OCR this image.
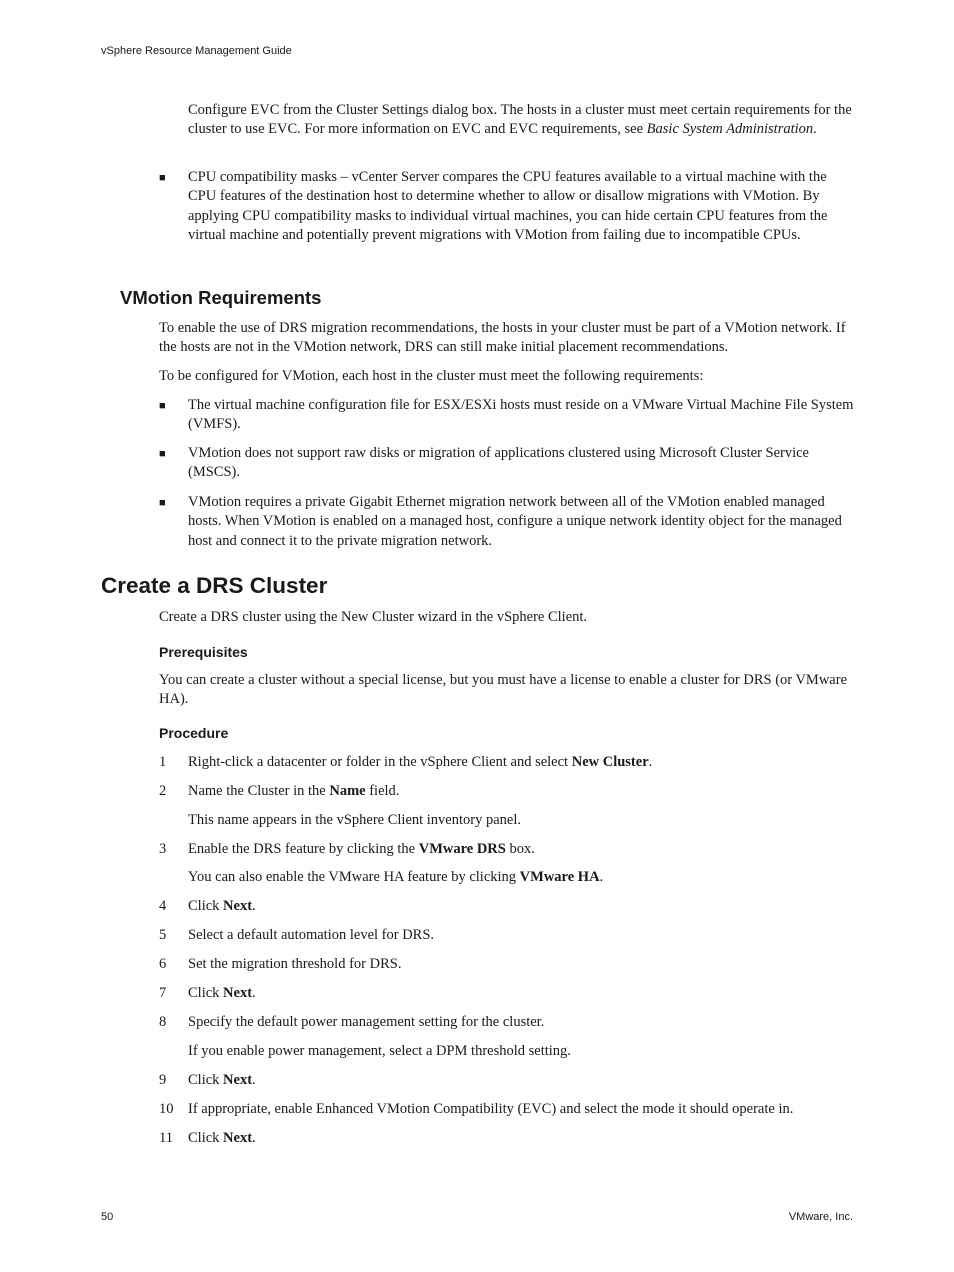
vSphere Resource Management Guide
Configure EVC from the Cluster Settings dialog box. The hosts in a cluster must meet certain requirements for the cluster to use EVC. For more information on EVC and EVC requirements, see Basic System Administration.
■ CPU compatibility masks – vCenter Server compares the CPU features available to a virtual machine with the CPU features of the destination host to determine whether to allow or disallow migrations with VMotion. By applying CPU compatibility masks to individual virtual machines, you can hide certain CPU features from the virtual machine and potentially prevent migrations with VMotion from failing due to incompatible CPUs.
VMotion Requirements
To enable the use of DRS migration recommendations, the hosts in your cluster must be part of a VMotion network. If the hosts are not in the VMotion network, DRS can still make initial placement recommendations.
To be configured for VMotion, each host in the cluster must meet the following requirements:
■ The virtual machine configuration file for ESX/ESXi hosts must reside on a VMware Virtual Machine File System (VMFS).
■ VMotion does not support raw disks or migration of applications clustered using Microsoft Cluster Service (MSCS).
■ VMotion requires a private Gigabit Ethernet migration network between all of the VMotion enabled managed hosts. When VMotion is enabled on a managed host, configure a unique network identity object for the managed host and connect it to the private migration network.
Create a DRS Cluster
Create a DRS cluster using the New Cluster wizard in the vSphere Client.
Prerequisites
You can create a cluster without a special license, but you must have a license to enable a cluster for DRS (or VMware HA).
Procedure
1 Right-click a datacenter or folder in the vSphere Client and select New Cluster.
2 Name the Cluster in the Name field.
This name appears in the vSphere Client inventory panel.
3 Enable the DRS feature by clicking the VMware DRS box.
You can also enable the VMware HA feature by clicking VMware HA.
4 Click Next.
5 Select a default automation level for DRS.
6 Set the migration threshold for DRS.
7 Click Next.
8 Specify the default power management setting for the cluster.
If you enable power management, select a DPM threshold setting.
9 Click Next.
10 If appropriate, enable Enhanced VMotion Compatibility (EVC) and select the mode it should operate in.
11 Click Next.
50	VMware, Inc.
